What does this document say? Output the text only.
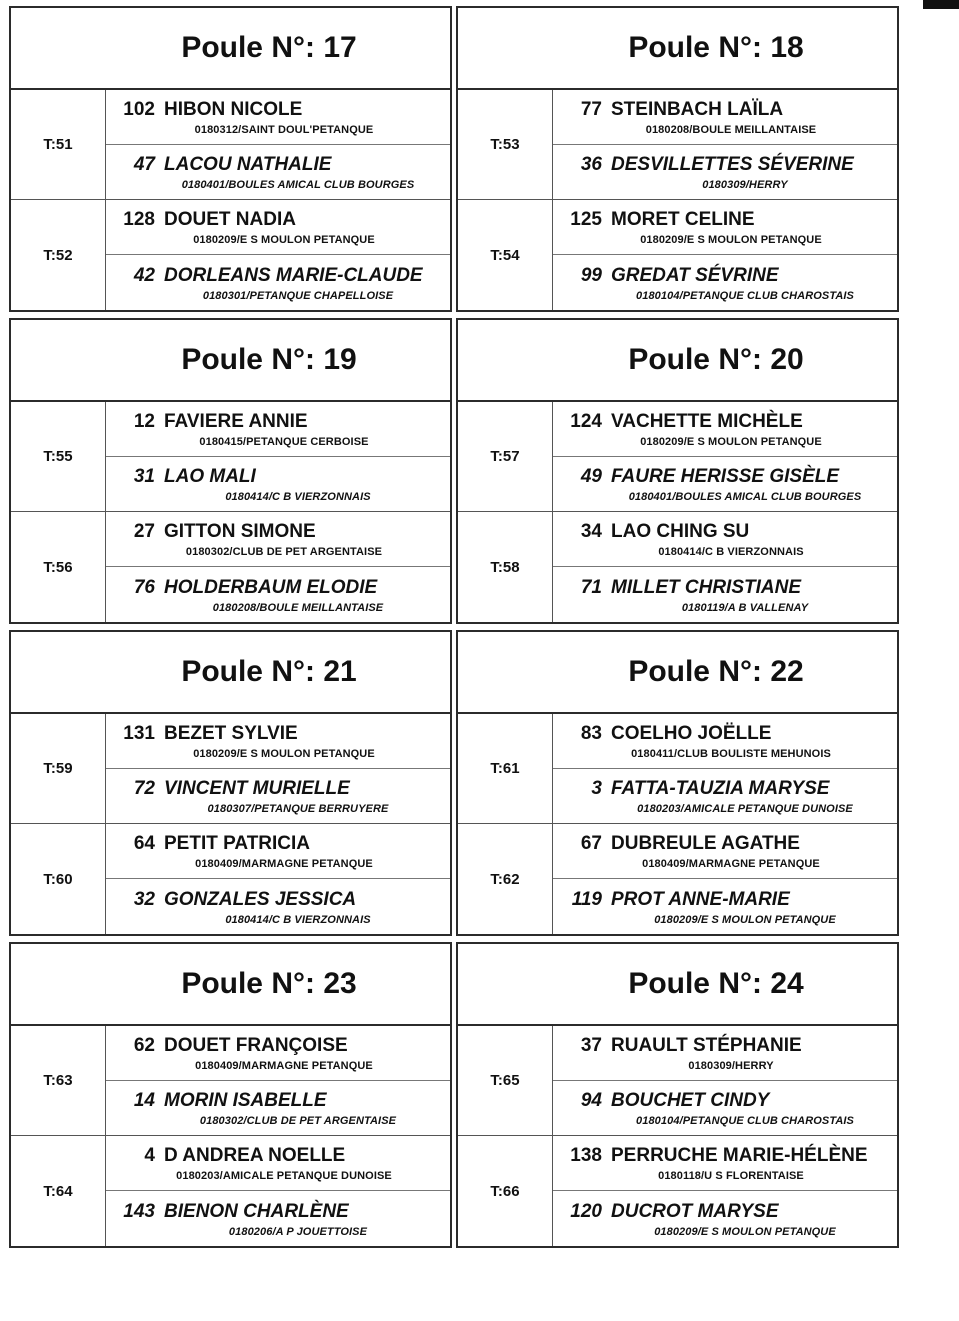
Poule N°: 17
T:51
102 HIBON NICOLE
0180312/SAINT DOUL'PETANQUE
47 LACOU NATHALIE
0180401/BOULES AMICAL CLUB BOURGES
T:52
128 DOUET NADIA
0180209/E S MOULON PETANQUE
42 DORLEANS MARIE-CLAUDE
0180301/PETANQUE CHAPELLOISE
Poule N°: 18
T:53
77 STEINBACH LAÏLA
0180208/BOULE MEILLANTAISE
36 DESVILLETTES SÉVERINE
0180309/HERRY
T:54
125 MORET CELINE
0180209/E S MOULON PETANQUE
99 GREDAT SÉVRINE
0180104/PETANQUE CLUB CHAROSTAIS
Poule N°: 19
T:55
12 FAVIERE ANNIE
0180415/PETANQUE CERBOISE
31 LAO MALI
0180414/C B VIERZONNAIS
T:56
27 GITTON SIMONE
0180302/CLUB DE PET ARGENTAISE
76 HOLDERBAUM ELODIE
0180208/BOULE MEILLANTAISE
Poule N°: 20
T:57
124 VACHETTE MICHÈLE
0180209/E S MOULON PETANQUE
49 FAURE HERISSE GISÈLE
0180401/BOULES AMICAL CLUB BOURGES
T:58
34 LAO CHING SU
0180414/C B VIERZONNAIS
71 MILLET CHRISTIANE
0180119/A B VALLENAY
Poule N°: 21
T:59
131 BEZET SYLVIE
0180209/E S MOULON PETANQUE
72 VINCENT MURIELLE
0180307/PETANQUE BERRUYERE
T:60
64 PETIT PATRICIA
0180409/MARMAGNE PETANQUE
32 GONZALES JESSICA
0180414/C B VIERZONNAIS
Poule N°: 22
T:61
83 COELHO JOËLLE
0180411/CLUB BOULISTE MEHUNOIS
3 FATTA-TAUZIA MARYSE
0180203/AMICALE PETANQUE DUNOISE
T:62
67 DUBREULE AGATHE
0180409/MARMAGNE PETANQUE
119 PROT ANNE-MARIE
0180209/E S MOULON PETANQUE
Poule N°: 23
T:63
62 DOUET FRANÇOISE
0180409/MARMAGNE PETANQUE
14 MORIN ISABELLE
0180302/CLUB DE PET ARGENTAISE
T:64
4 D ANDREA NOELLE
0180203/AMICALE PETANQUE DUNOISE
143 BIENON CHARLÈNE
0180206/A P JOUETTOISE
Poule N°: 24
T:65
37 RUAULT STÉPHANIE
0180309/HERRY
94 BOUCHET CINDY
0180104/PETANQUE CLUB CHAROSTAIS
T:66
138 PERRUCHE MARIE-HÉLÈNE
0180118/U S FLORENTAISE
120 DUCROT MARYSE
0180209/E S MOULON PETANQUE
